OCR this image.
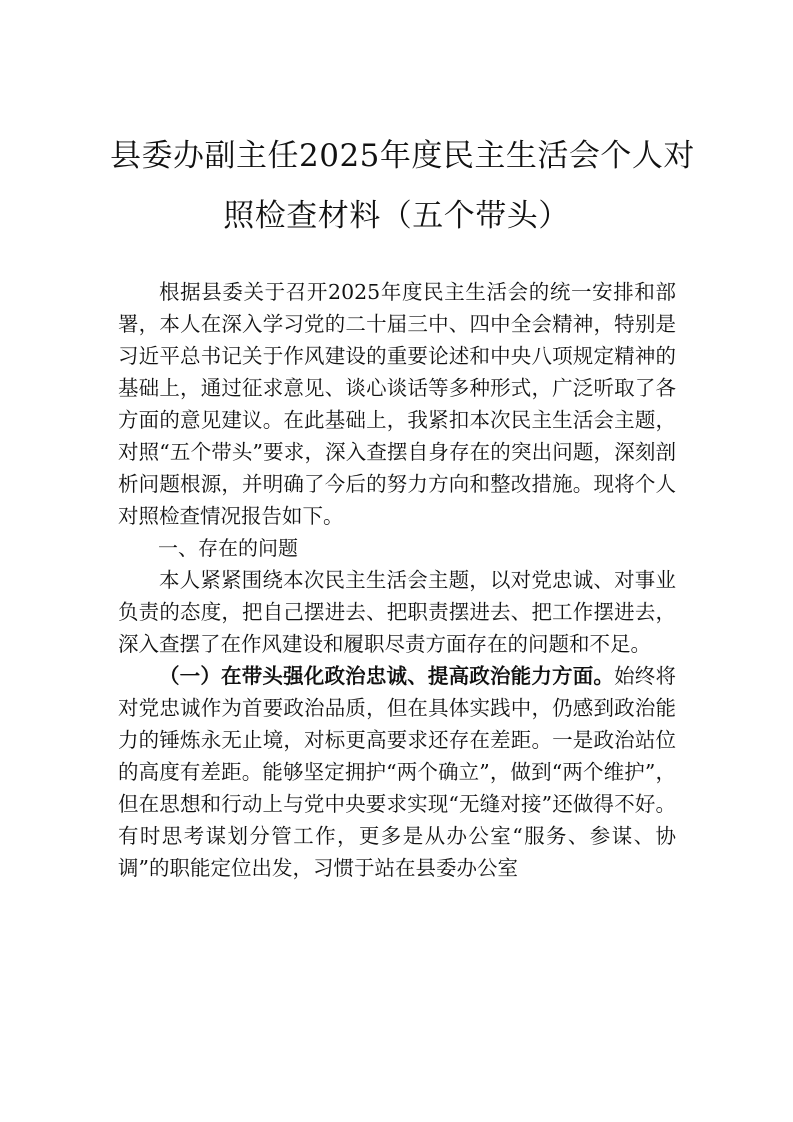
县委办副主任2025年度民主生活会个人对
照检查材料（五个带头）

根据县委关于召开2025年度民主生活会的统一安排和部署，本人在深入学习党的二十届三中、四中全会精神，特别是习近平总书记关于作风建设的重要论述和中央八项规定精神的基础上，通过征求意见、谈心谈话等多种形式，广泛听取了各方面的意见建议。在此基础上，我紧扣本次民主生活会主题，对照“五个带头”要求，深入查摆自身存在的突出问题，深刻剖析问题根源，并明确了今后的努力方向和整改措施。现将个人对照检查情况报告如下。

一、存在的问题

本人紧紧围绕本次民主生活会主题，以对党忠诚、对事业负责的态度，把自己摆进去、把职责摆进去、把工作摆进去，深入查摆了在作风建设和履职尽责方面存在的问题和不足。

（一）在带头强化政治忠诚、提高政治能力方面。始终将对党忠诚作为首要政治品质，但在具体实践中，仍感到政治能力的锤炼永无止境，对标更高要求还存在差距。一是政治站位的高度有差距。能够坚定拥护“两个确立”，做到“两个维护”，但在思想和行动上与党中央要求实现“无缝对接”还做得不好。有时思考谋划分管工作，更多是从办公室“服务、参谋、协调”的职能定位出发，习惯于站在县委办公室
